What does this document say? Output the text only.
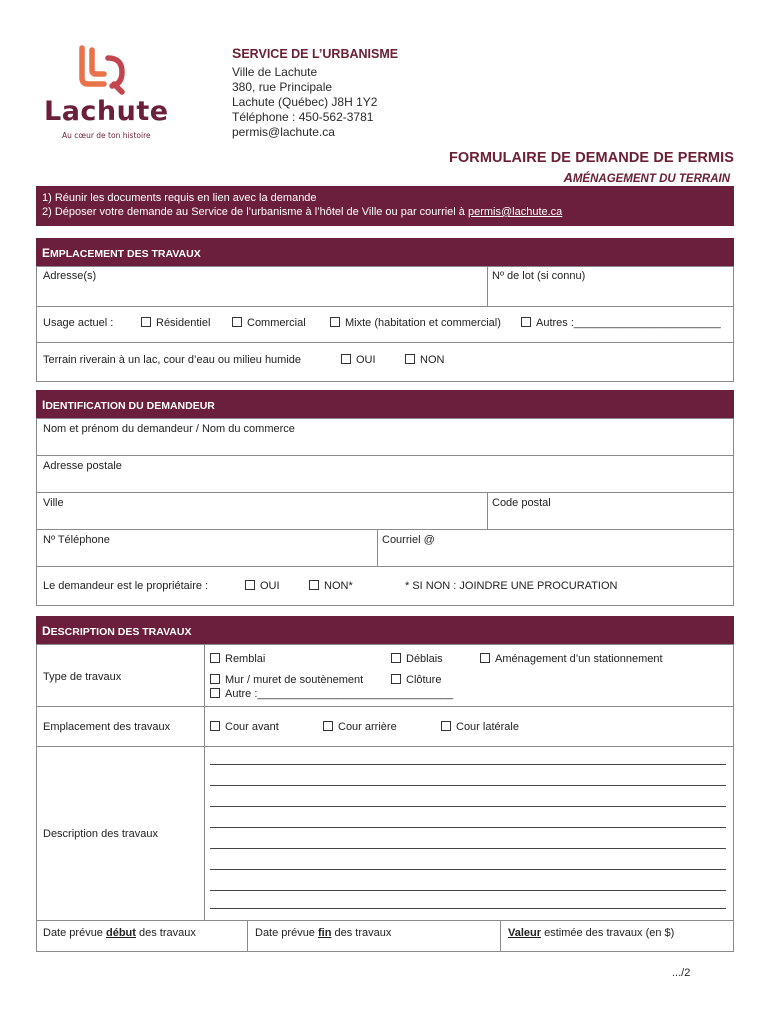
Lachute
Au cœur de ton histoire
SERVICE DE L’URBANISME
Ville de Lachute
380, rue Principale
Lachute (Québec) J8H 1Y2
Téléphone : 450-562-3781
permis@lachute.ca
FORMULAIRE DE DEMANDE DE PERMIS
AMÉNAGEMENT DU TERRAIN
1) Réunir les documents requis en lien avec la demande
2) Déposer votre demande au Service de l’urbanisme à l’hôtel de Ville ou par courriel à permis@lachute.ca
EMPLACEMENT DES TRAVAUX
Adresse(s)	Nº de lot (si connu)
Usage actuel :	Résidentiel	Commercial	Mixte (habitation et commercial)	Autres :________________________
Terrain riverain à un lac, cour d’eau ou milieu humide	OUI	NON
IDENTIFICATION DU DEMANDEUR
Nom et prénom du demandeur / Nom du commerce
Adresse postale
Ville	Code postal
Nº Téléphone	Courriel @
Le demandeur est le propriétaire :	OUI	NON*	* SI NON : JOINDRE UNE PROCURATION
DESCRIPTION DES TRAVAUX
Type de travaux
Remblai	Déblais	Aménagement d’un stationnement
Mur / muret de soutènement	Clôture
Autre :________________________________
Emplacement des travaux	Cour avant	Cour arrière	Cour latérale
Description des travaux
Date prévue début des travaux	Date prévue fin des travaux	Valeur estimée des travaux (en $)
.../2
